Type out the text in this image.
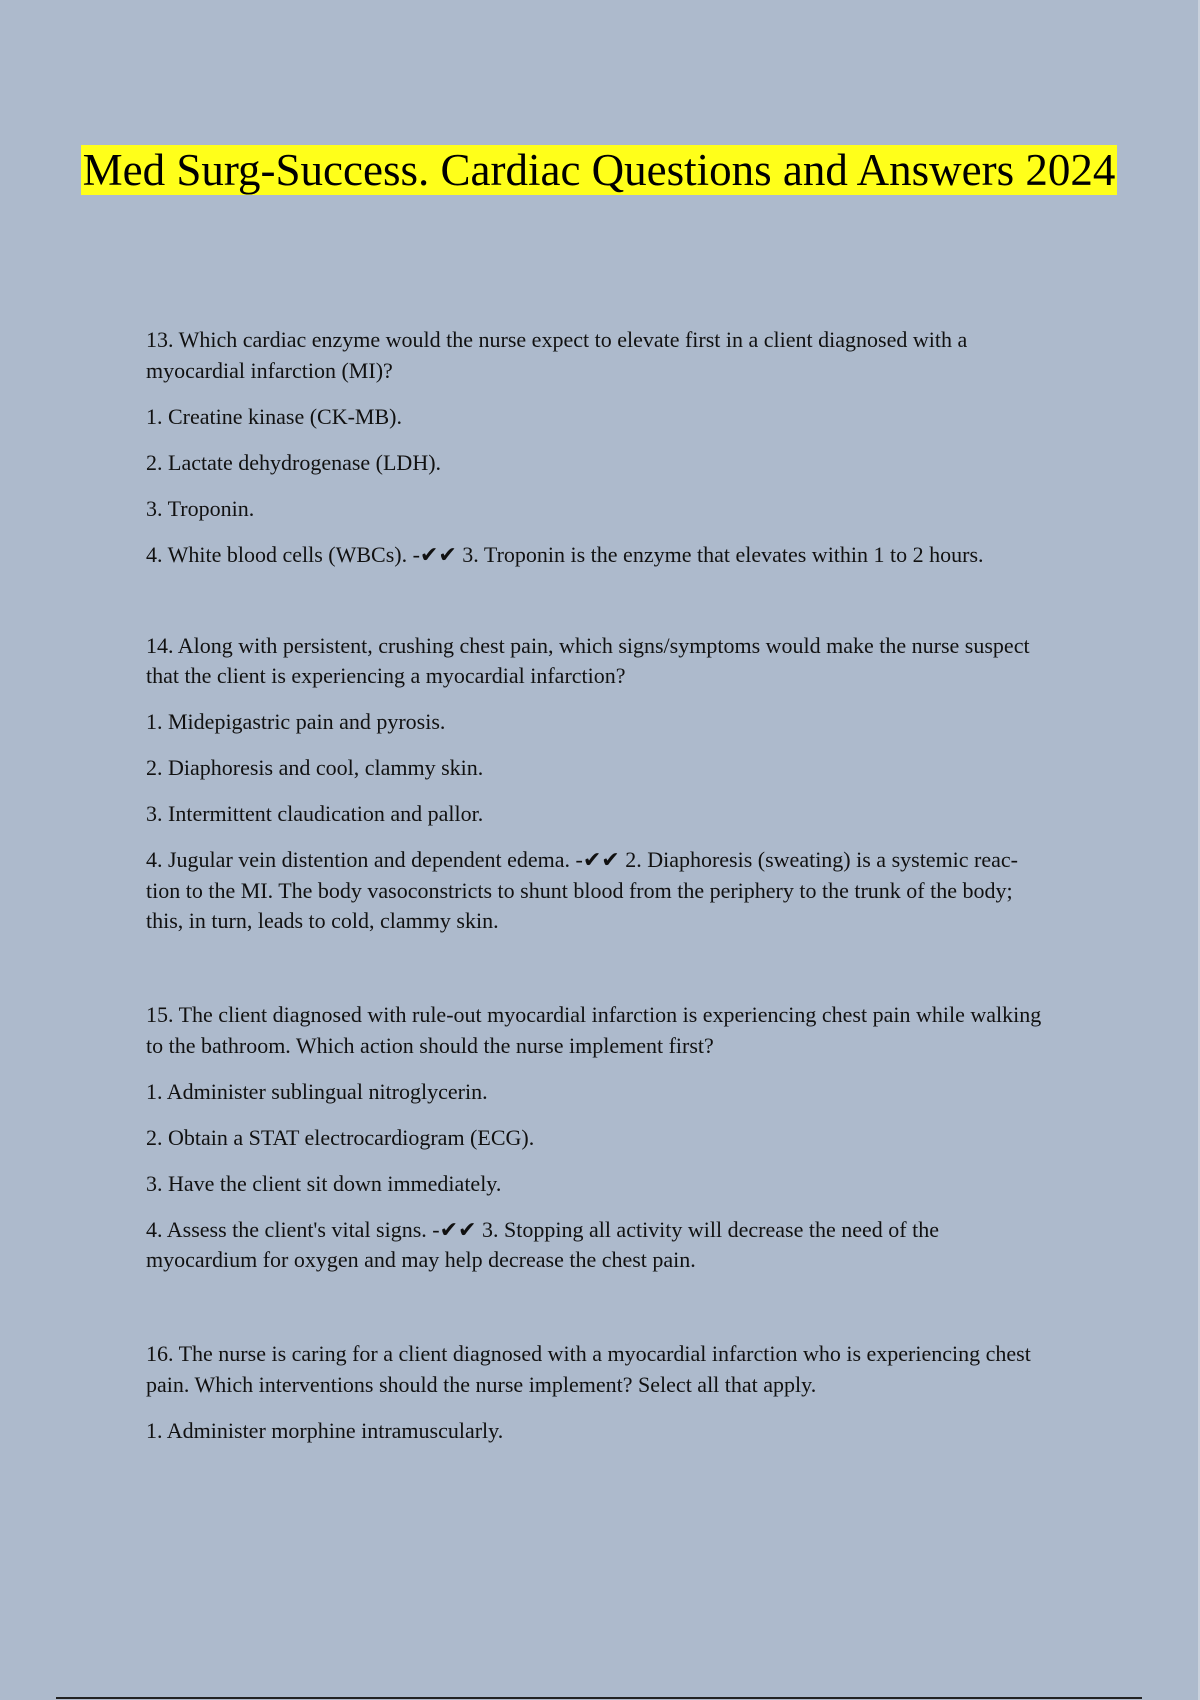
Med Surg-Success. Cardiac Questions and Answers 2024

13. Which cardiac enzyme would the nurse expect to elevate first in a client diagnosed with a myocardial infarction (MI)?

1. Creatine kinase (CK-MB).

2. Lactate dehydrogenase (LDH).

3. Troponin.

4. White blood cells (WBCs). -✔✔ 3. Troponin is the enzyme that elevates within 1 to 2 hours.

14. Along with persistent, crushing chest pain, which signs/symptoms would make the nurse suspect that the client is experiencing a myocardial infarction?

1. Midepigastric pain and pyrosis.

2. Diaphoresis and cool, clammy skin.

3. Intermittent claudication and pallor.

4. Jugular vein distention and dependent edema. -✔✔ 2. Diaphoresis (sweating) is a systemic reac- tion to the MI. The body vasoconstricts to shunt blood from the periphery to the trunk of the body; this, in turn, leads to cold, clammy skin.

15. The client diagnosed with rule-out myocardial infarction is experiencing chest pain while walking to the bathroom. Which action should the nurse implement first?

1. Administer sublingual nitroglycerin.

2. Obtain a STAT electrocardiogram (ECG).

3. Have the client sit down immediately.

4. Assess the client's vital signs. -✔✔ 3. Stopping all activity will decrease the need of the myocardium for oxygen and may help decrease the chest pain.

16. The nurse is caring for a client diagnosed with a myocardial infarction who is experiencing chest pain. Which interventions should the nurse implement? Select all that apply.

1. Administer morphine intramuscularly.
